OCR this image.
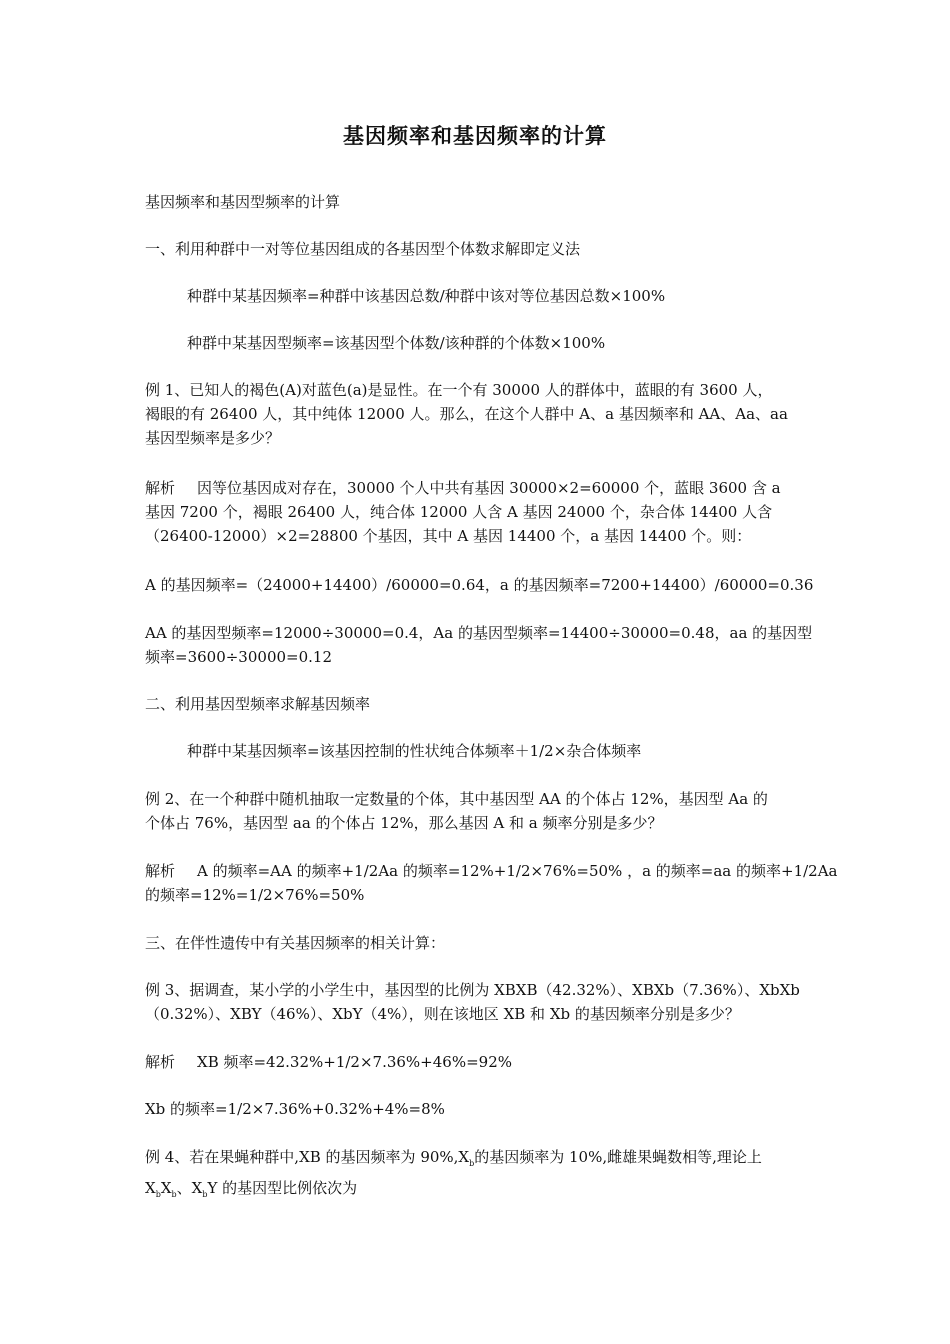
基因频率和基因频率的计算
基因频率和基因型频率的计算
一、利用种群中一对等位基因组成的各基因型个体数求解即定义法
种群中某基因频率=种群中该基因总数/种群中该对等位基因总数×100%
种群中某基因型频率=该基因型个体数/该种群的个体数×100%
例 1、已知人的褐色(A)对蓝色(a)是显性。在一个有 30000 人的群体中，蓝眼的有 3600 人，
褐眼的有 26400 人，其中纯体 12000 人。那么，在这个人群中 A、a 基因频率和 AA、Aa、aa
基因型频率是多少？
解析 因等位基因成对存在，30000 个人中共有基因 30000×2=60000 个，蓝眼 3600 含 a
基因 7200 个，褐眼 26400 人，纯合体 12000 人含 A 基因 24000 个，杂合体 14400 人含
（26400-12000）×2=28800 个基因，其中 A 基因 14400 个，a 基因 14400 个。则：
A 的基因频率=（24000+14400）/60000=0.64，a 的基因频率=7200+14400）/60000=0.36
AA 的基因型频率=12000÷30000=0.4，Aa 的基因型频率=14400÷30000=0.48，aa 的基因型
频率=3600÷30000=0.12
二、利用基因型频率求解基因频率
种群中某基因频率=该基因控制的性状纯合体频率＋1/2×杂合体频率
例 2、在一个种群中随机抽取一定数量的个体，其中基因型 AA 的个体占 12%，基因型 Aa 的
个体占 76%，基因型 aa 的个体占 12%，那么基因 A 和 a 频率分别是多少？
解析 A 的频率=AA 的频率+1/2Aa 的频率=12%+1/2×76%=50% ，a 的频率=aa 的频率+1/2Aa
的频率=12%=1/2×76%=50%
三、在伴性遗传中有关基因频率的相关计算：
例 3、据调查，某小学的小学生中，基因型的比例为 XBXB（42.32%）、XBXb（7.36%）、XbXb
（0.32%）、XBY（46%）、XbY（4%），则在该地区 XB 和 Xb 的基因频率分别是多少？
解析 XB 频率=42.32%+1/2×7.36%+46%=92%
Xb 的频率=1/2×7.36%+0.32%+4%=8%
例 4、若在果蝇种群中,XB 的基因频率为 $90\%,X_b$的基因频率为 10%,雌雄果蝇数相等,理论上
$X_bX_b$、$X_bY$ 的基因型比例依次为
